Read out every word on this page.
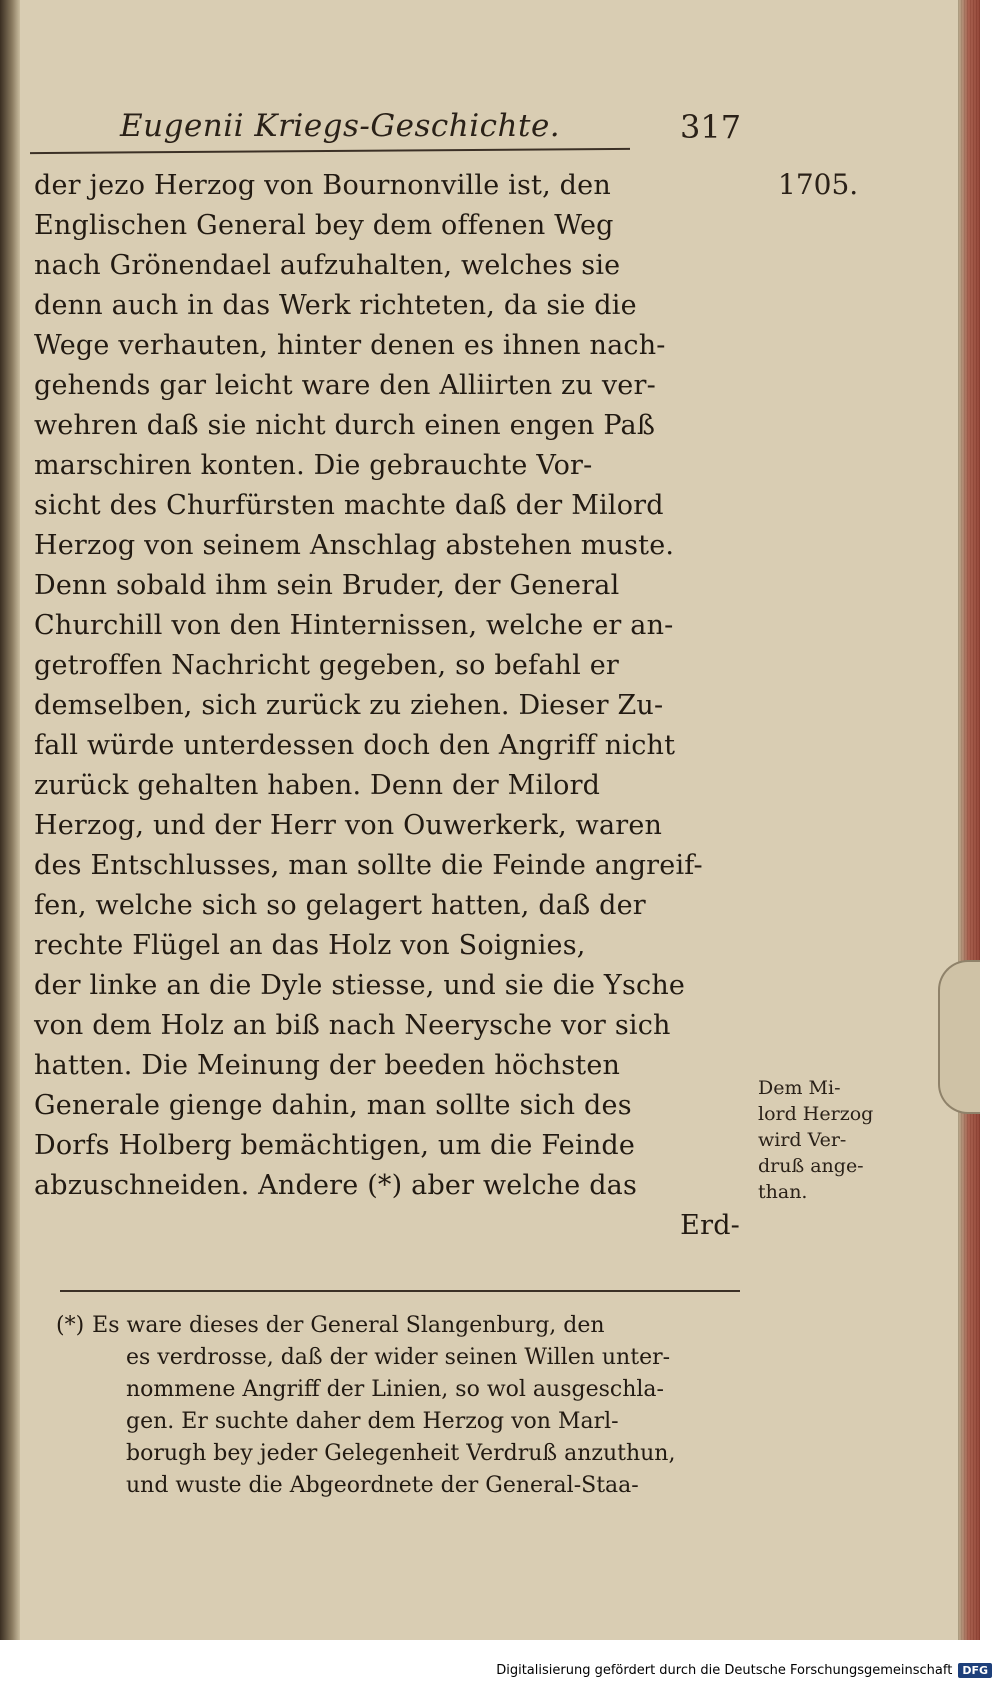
Eugenii Kriegs-Geschichte.	317
1705.
der jezo Herzog von Bournonville ist, den
Englischen General bey dem offenen Weg
nach Grönendael aufzuhalten, welches sie
denn auch in das Werk richteten, da sie die
Wege verhauten, hinter denen es ihnen nach-
gehends gar leicht ware den Alliirten zu ver-
wehren daß sie nicht durch einen engen Paß
marschiren konten. Die gebrauchte Vor-
sicht des Churfürsten machte daß der Milord
Herzog von seinem Anschlag abstehen muste.
Denn sobald ihm sein Bruder, der General
Churchill von den Hinternissen, welche er an-
getroffen Nachricht gegeben, so befahl er
demselben, sich zurück zu ziehen. Dieser Zu-
fall würde unterdessen doch den Angriff nicht
zurück gehalten haben. Denn der Milord
Herzog, und der Herr von Ouwerkerk, waren
des Entschlusses, man sollte die Feinde angreif-
fen, welche sich so gelagert hatten, daß der
rechte Flügel an das Holz von Soignies,
der linke an die Dyle stiesse, und sie die Ysche
von dem Holz an biß nach Neerysche vor sich
hatten. Die Meinung der beeden höchsten
Generale gienge dahin, man sollte sich des
Dorfs Holberg bemächtigen, um die Feinde
abzuschneiden. Andere (*) aber welche das
Erd-
Dem Mi-
lord Herzog
wird Ver-
druß ange-
than.
(*) Es ware dieses der General Slangenburg, den
es verdrosse, daß der wider seinen Willen unter-
nommene Angriff der Linien, so wol ausgeschla-
gen. Er suchte daher dem Herzog von Marl-
borugh bey jeder Gelegenheit Verdruß anzuthun,
und wuste die Abgeordnete der General-Staa-
Digitalisierung gefördert durch die Deutsche Forschungsgemeinschaft DFG
